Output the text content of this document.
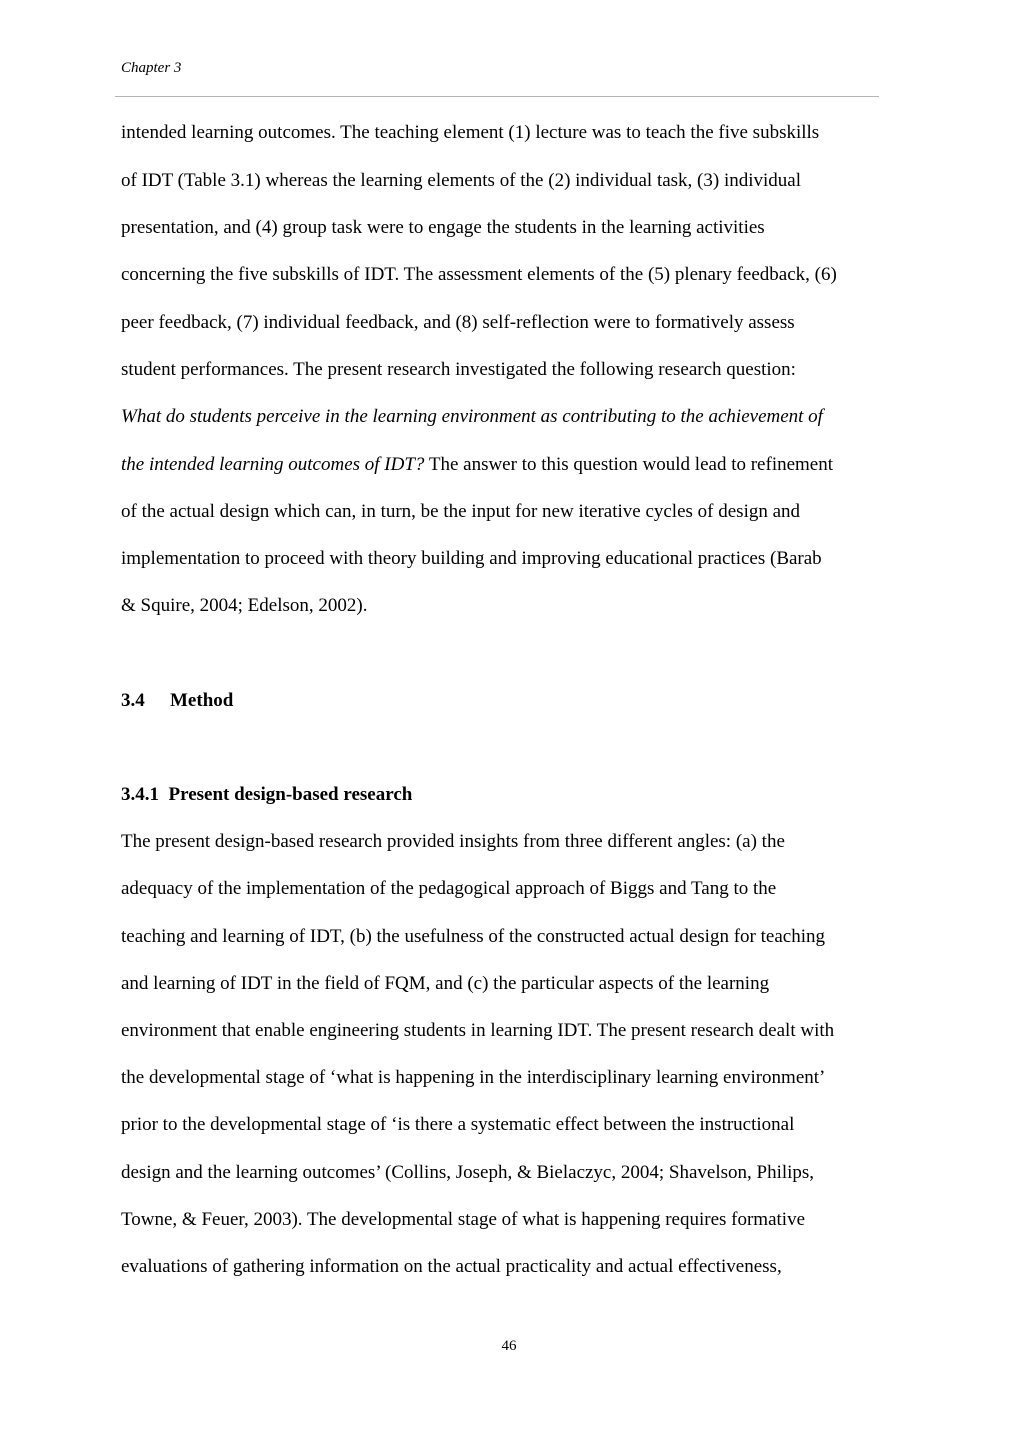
Chapter 3
intended learning outcomes. The teaching element (1) lecture was to teach the five subskills
of IDT (Table 3.1) whereas the learning elements of the (2) individual task, (3) individual
presentation, and (4) group task were to engage the students in the learning activities
concerning the five subskills of IDT. The assessment elements of the (5) plenary feedback, (6)
peer feedback, (7) individual feedback, and (8) self-reflection were to formatively assess
student performances. The present research investigated the following research question:
What do students perceive in the learning environment as contributing to the achievement of
the intended learning outcomes of IDT? The answer to this question would lead to refinement
of the actual design which can, in turn, be the input for new iterative cycles of design and
implementation to proceed with theory building and improving educational practices (Barab
& Squire, 2004; Edelson, 2002).
3.4 Method
3.4.1 Present design-based research
The present design-based research provided insights from three different angles: (a) the
adequacy of the implementation of the pedagogical approach of Biggs and Tang to the
teaching and learning of IDT, (b) the usefulness of the constructed actual design for teaching
and learning of IDT in the field of FQM, and (c) the particular aspects of the learning
environment that enable engineering students in learning IDT. The present research dealt with
the developmental stage of ‘what is happening in the interdisciplinary learning environment’
prior to the developmental stage of ‘is there a systematic effect between the instructional
design and the learning outcomes’ (Collins, Joseph, & Bielaczyc, 2004; Shavelson, Philips,
Towne, & Feuer, 2003). The developmental stage of what is happening requires formative
evaluations of gathering information on the actual practicality and actual effectiveness,
46
